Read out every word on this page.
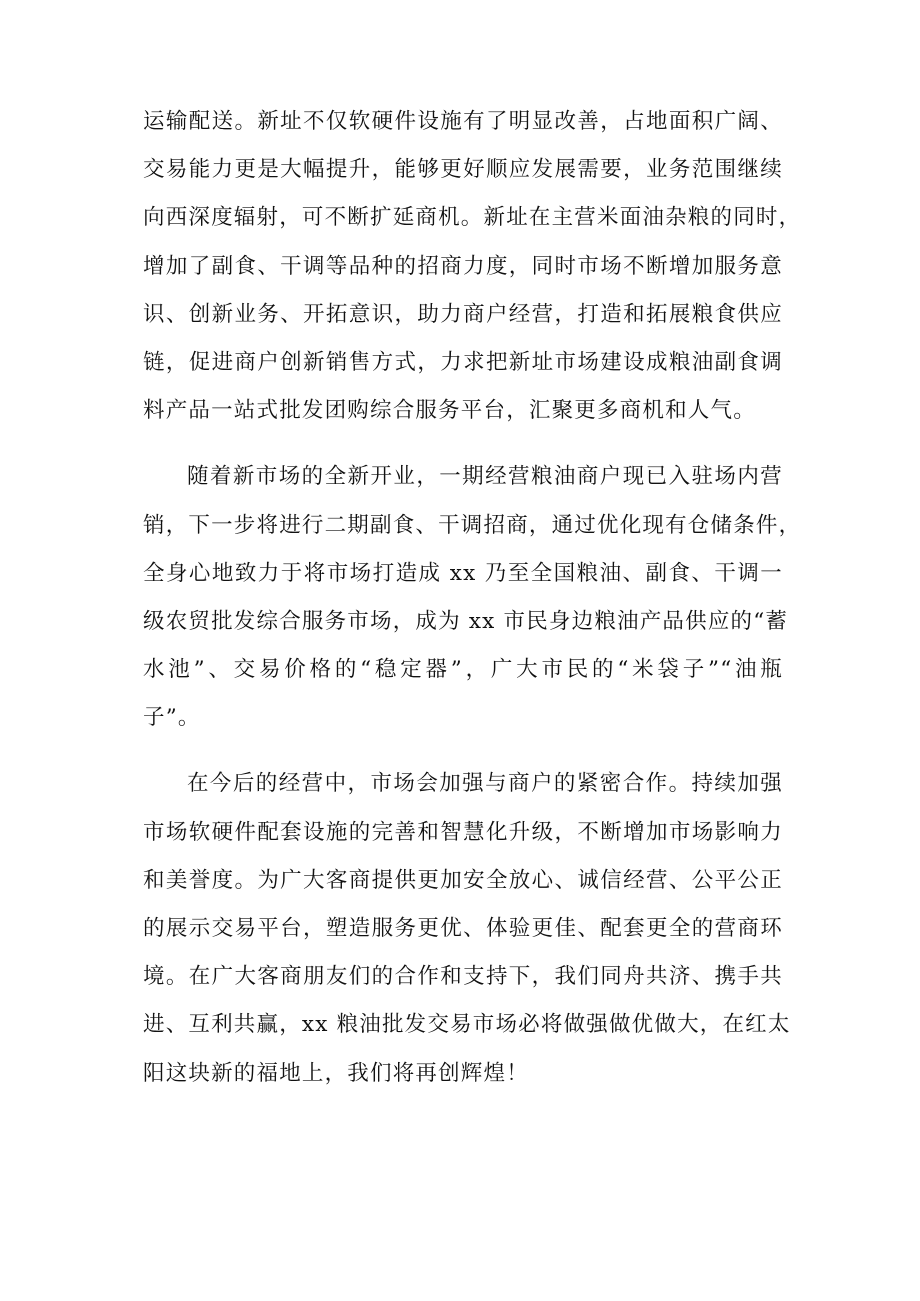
运输配送。新址不仅软硬件设施有了明显改善，占地面积广阔、
交易能力更是大幅提升，能够更好顺应发展需要，业务范围继续
向西深度辐射，可不断扩延商机。新址在主营米面油杂粮的同时，
增加了副食、干调等品种的招商力度，同时市场不断增加服务意
识、创新业务、开拓意识，助力商户经营，打造和拓展粮食供应
链，促进商户创新销售方式，力求把新址市场建设成粮油副食调
料产品一站式批发团购综合服务平台，汇聚更多商机和人气。
随着新市场的全新开业，一期经营粮油商户现已入驻场内营
销，下一步将进行二期副食、干调招商，通过优化现有仓储条件，
全身心地致力于将市场打造成 xx 乃至全国粮油、副食、干调一
级农贸批发综合服务市场，成为 xx 市民身边粮油产品供应的“蓄
水池”、交易价格的“稳定器”，广大市民的“米袋子”“油瓶
子”。
在今后的经营中，市场会加强与商户的紧密合作。持续加强
市场软硬件配套设施的完善和智慧化升级，不断增加市场影响力
和美誉度。为广大客商提供更加安全放心、诚信经营、公平公正
的展示交易平台，塑造服务更优、体验更佳、配套更全的营商环
境。在广大客商朋友们的合作和支持下，我们同舟共济、携手共
进、互利共赢，xx 粮油批发交易市场必将做强做优做大，在红太
阳这块新的福地上，我们将再创辉煌！
